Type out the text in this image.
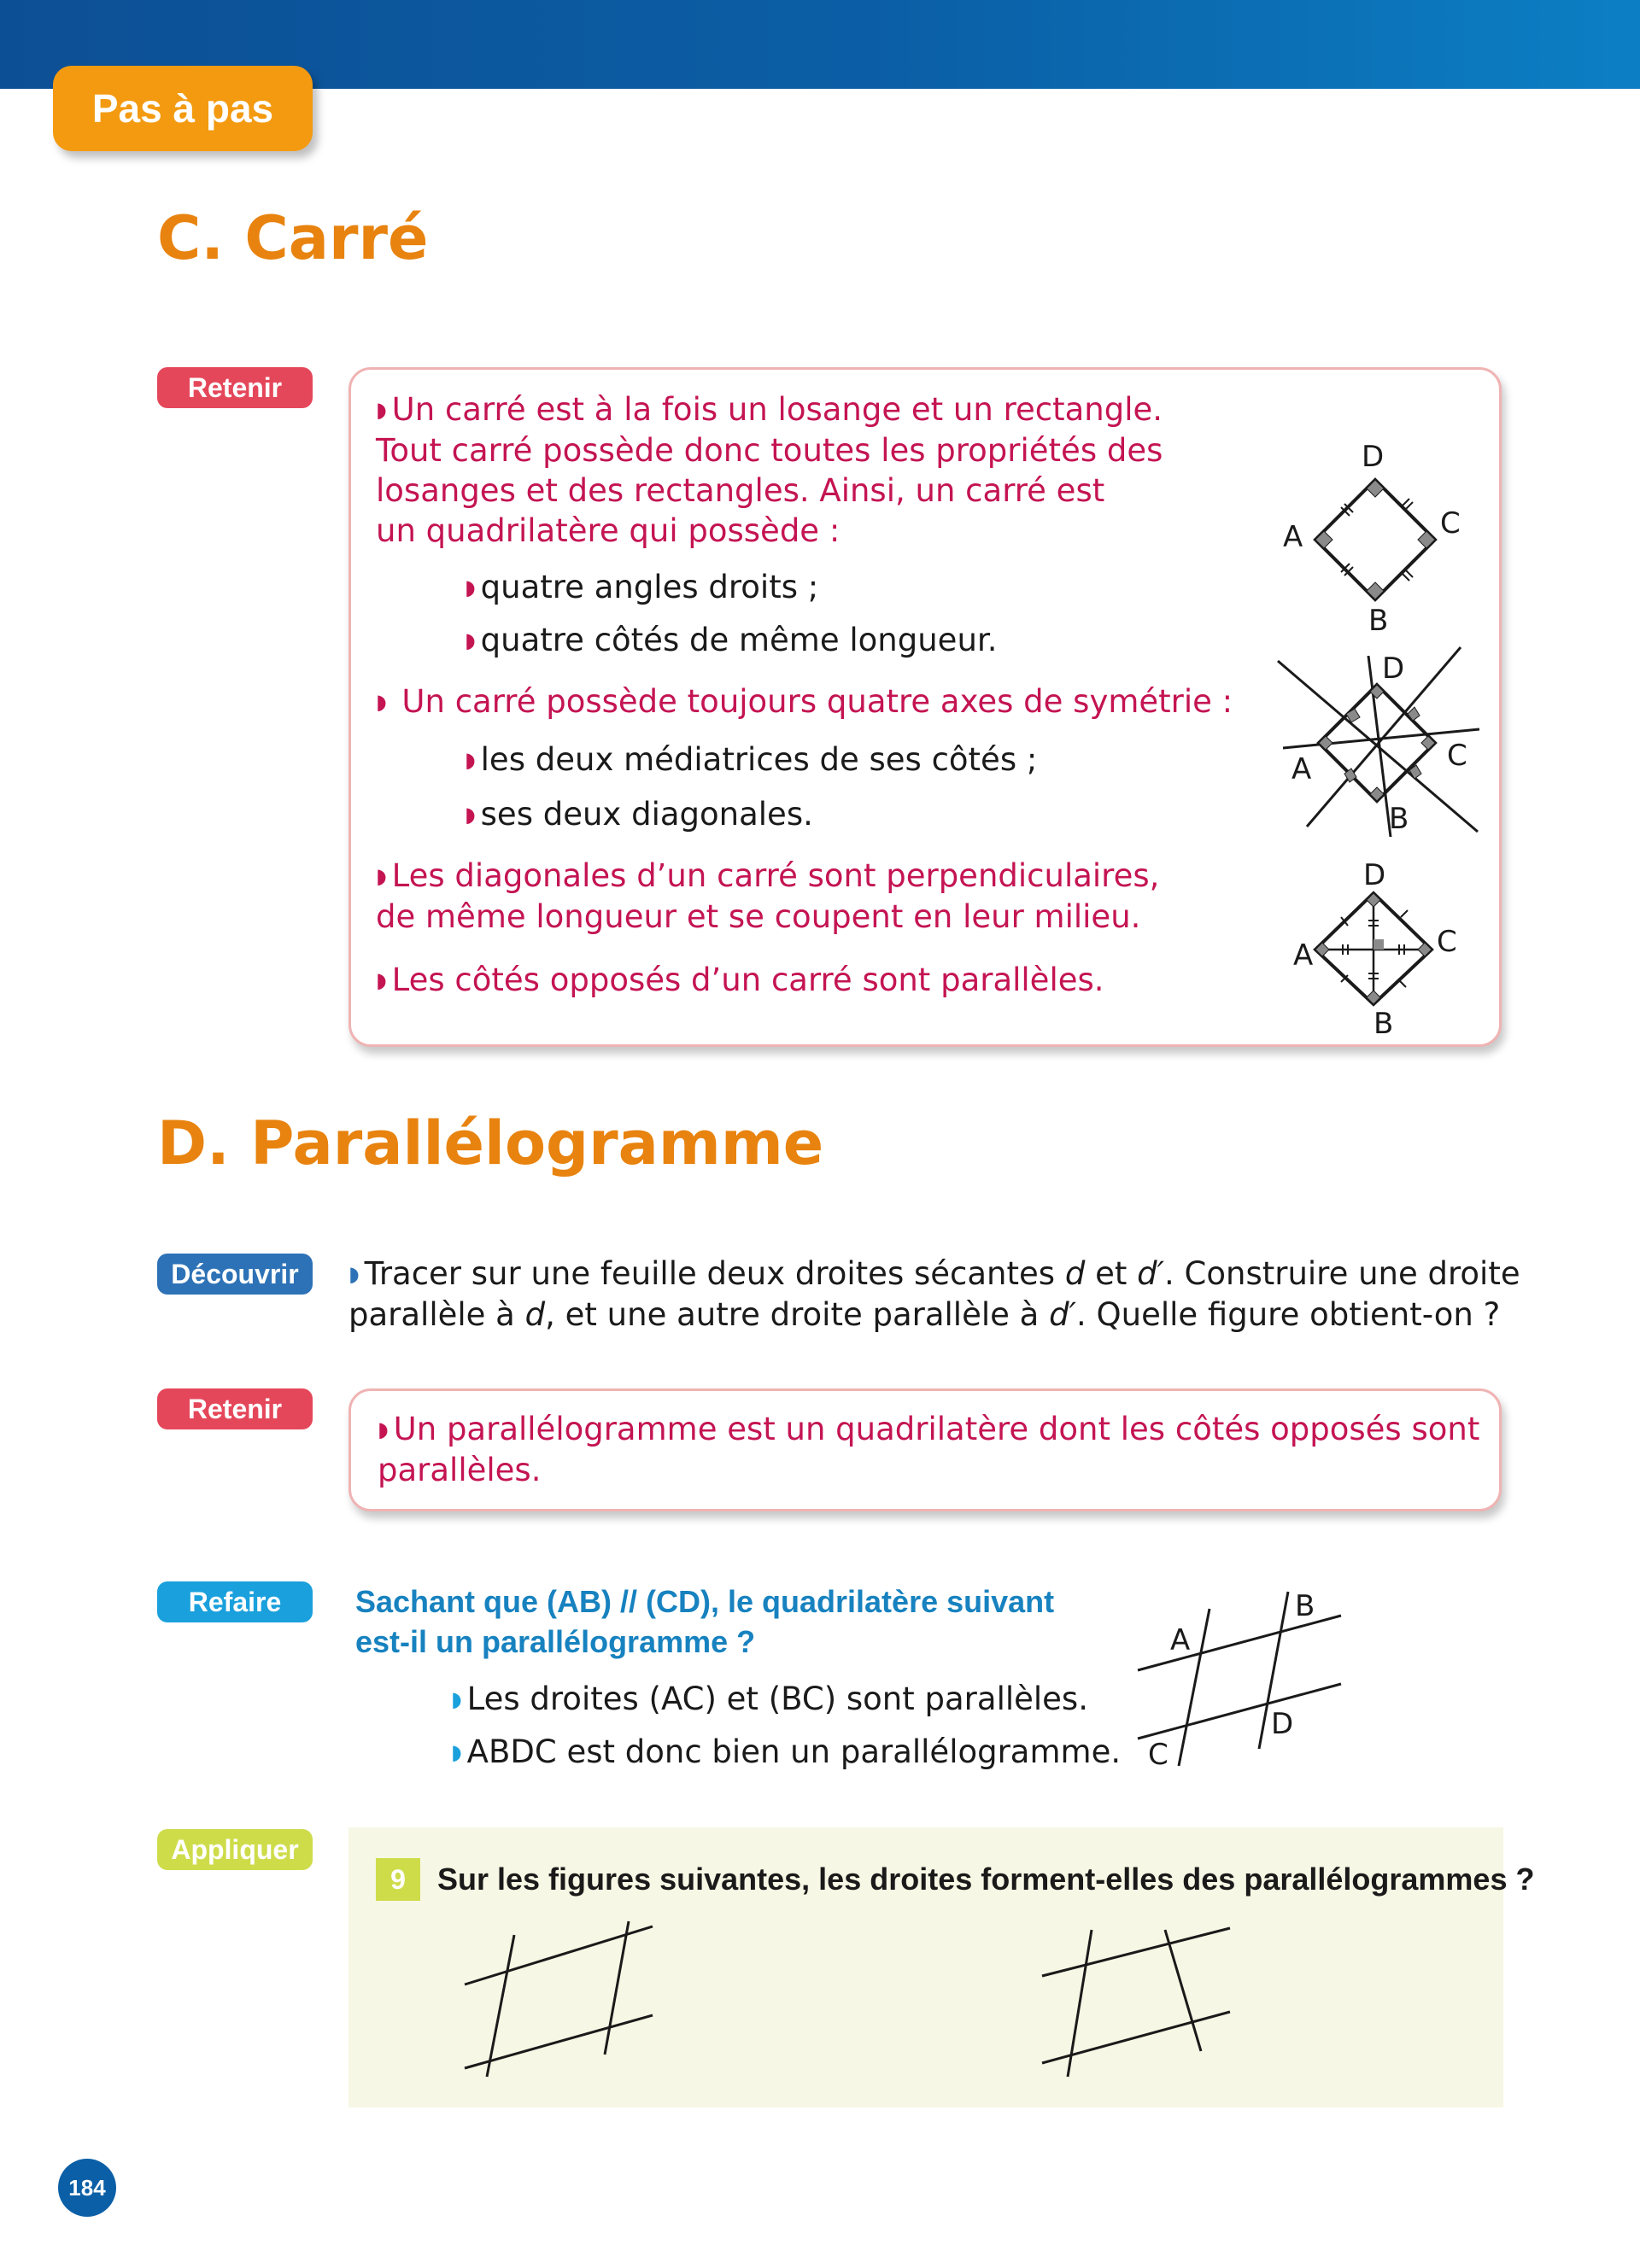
Pas à pas
C. Carré
Retenir

◗ Un carré est à la fois un losange et un rectangle.
Tout carré possède donc toutes les propriétés des
losanges et des rectangles. Ainsi, un carré est
un quadrilatère qui possède :

◗ quatre angles droits ;

◗ quatre côtés de même longueur.

◗ Un carré possède toujours quatre axes de symétrie :

◗ les deux médiatrices de ses côtés ;

◗ ses deux diagonales.

◗ Les diagonales d’un carré sont perpendiculaires,
de même longueur et se coupent en leur milieu.

◗ Les côtés opposés d’un carré sont parallèles.

D
C
A
B
D
C
A
B
D
C
A
B
D. Parallélogramme
Découvrir	◗ Tracer sur une feuille deux droites sécantes d et d′. Construire une droite
parallèle à d, et une autre droite parallèle à d′. Quelle figure obtient-on ?

Retenir

◗ Un parallélogramme est un quadrilatère dont les côtés opposés sont
parallèles.

Refaire	Sachant que (AB) // (CD), le quadrilatère suivant
est-il un parallélogramme ?

◗ Les droites (AC) et (BC) sont parallèles.

◗ ABDC est donc bien un parallélogramme.

A
B
C
D
Appliquer
9	Sur les figures suivantes, les droites forment-elles des parallélogrammes ?

184
